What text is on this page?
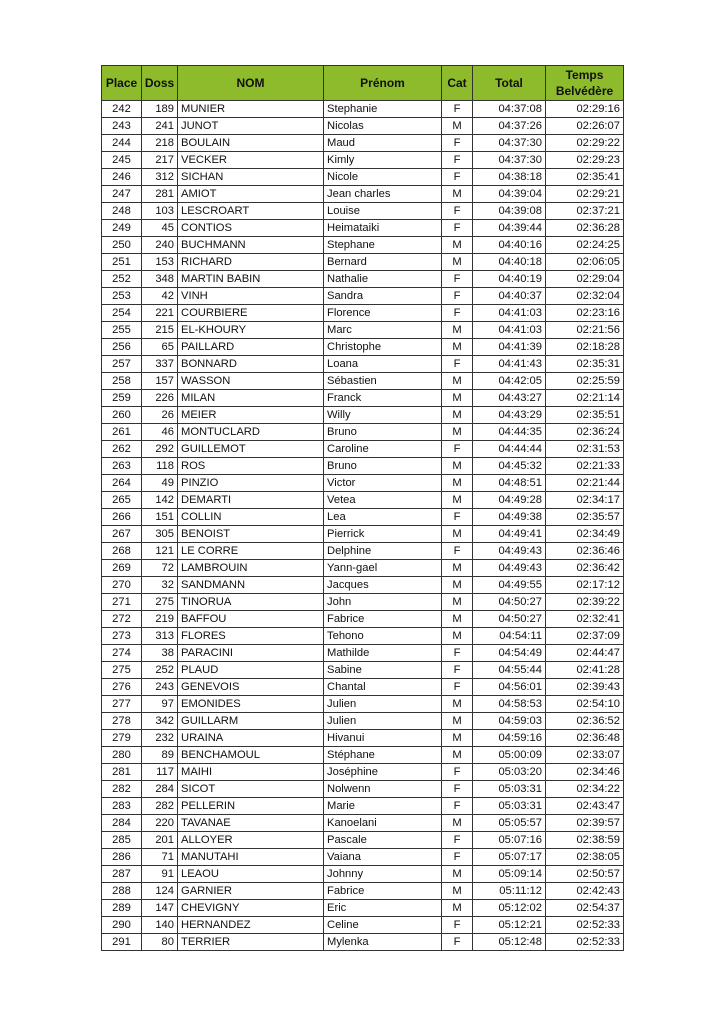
Place	Doss	NOM	Prénom	Cat	Total	Temps
Belvédère
242	189	MUNIER	Stephanie	F	04:37:08	02:29:16
243	241	JUNOT	Nicolas	M	04:37:26	02:26:07
244	218	BOULAIN	Maud	F	04:37:30	02:29:22
245	217	VECKER	Kimly	F	04:37:30	02:29:23
246	312	SICHAN	Nicole	F	04:38:18	02:35:41
247	281	AMIOT	Jean charles	M	04:39:04	02:29:21
248	103	LESCROART	Louise	F	04:39:08	02:37:21
249	45	CONTIOS	Heimataiki	F	04:39:44	02:36:28
250	240	BUCHMANN	Stephane	M	04:40:16	02:24:25
251	153	RICHARD	Bernard	M	04:40:18	02:06:05
252	348	MARTIN BABIN	Nathalie	F	04:40:19	02:29:04
253	42	VINH	Sandra	F	04:40:37	02:32:04
254	221	COURBIERE	Florence	F	04:41:03	02:23:16
255	215	EL-KHOURY	Marc	M	04:41:03	02:21:56
256	65	PAILLARD	Christophe	M	04:41:39	02:18:28
257	337	BONNARD	Loana	F	04:41:43	02:35:31
258	157	WASSON	Sébastien	M	04:42:05	02:25:59
259	226	MILAN	Franck	M	04:43:27	02:21:14
260	26	MEIER	Willy	M	04:43:29	02:35:51
261	46	MONTUCLARD	Bruno	M	04:44:35	02:36:24
262	292	GUILLEMOT	Caroline	F	04:44:44	02:31:53
263	118	ROS	Bruno	M	04:45:32	02:21:33
264	49	PINZIO	Victor	M	04:48:51	02:21:44
265	142	DEMARTI	Vetea	M	04:49:28	02:34:17
266	151	COLLIN	Lea	F	04:49:38	02:35:57
267	305	BENOIST	Pierrick	M	04:49:41	02:34:49
268	121	LE CORRE	Delphine	F	04:49:43	02:36:46
269	72	LAMBROUIN	Yann-gael	M	04:49:43	02:36:42
270	32	SANDMANN	Jacques	M	04:49:55	02:17:12
271	275	TINORUA	John	M	04:50:27	02:39:22
272	219	BAFFOU	Fabrice	M	04:50:27	02:32:41
273	313	FLORES	Tehono	M	04:54:11	02:37:09
274	38	PARACINI	Mathilde	F	04:54:49	02:44:47
275	252	PLAUD	Sabine	F	04:55:44	02:41:28
276	243	GENEVOIS	Chantal	F	04:56:01	02:39:43
277	97	EMONIDES	Julien	M	04:58:53	02:54:10
278	342	GUILLARM	Julien	M	04:59:03	02:36:52
279	232	URAINA	Hivanui	M	04:59:16	02:36:48
280	89	BENCHAMOUL	Stéphane	M	05:00:09	02:33:07
281	117	MAIHI	Joséphine	F	05:03:20	02:34:46
282	284	SICOT	Nolwenn	F	05:03:31	02:34:22
283	282	PELLERIN	Marie	F	05:03:31	02:43:47
284	220	TAVANAE	Kanoelani	M	05:05:57	02:39:57
285	201	ALLOYER	Pascale	F	05:07:16	02:38:59
286	71	MANUTAHI	Vaiana	F	05:07:17	02:38:05
287	91	LEAOU	Johnny	M	05:09:14	02:50:57
288	124	GARNIER	Fabrice	M	05:11:12	02:42:43
289	147	CHEVIGNY	Eric	M	05:12:02	02:54:37
290	140	HERNANDEZ	Celine	F	05:12:21	02:52:33
291	80	TERRIER	Mylenka	F	05:12:48	02:52:33
